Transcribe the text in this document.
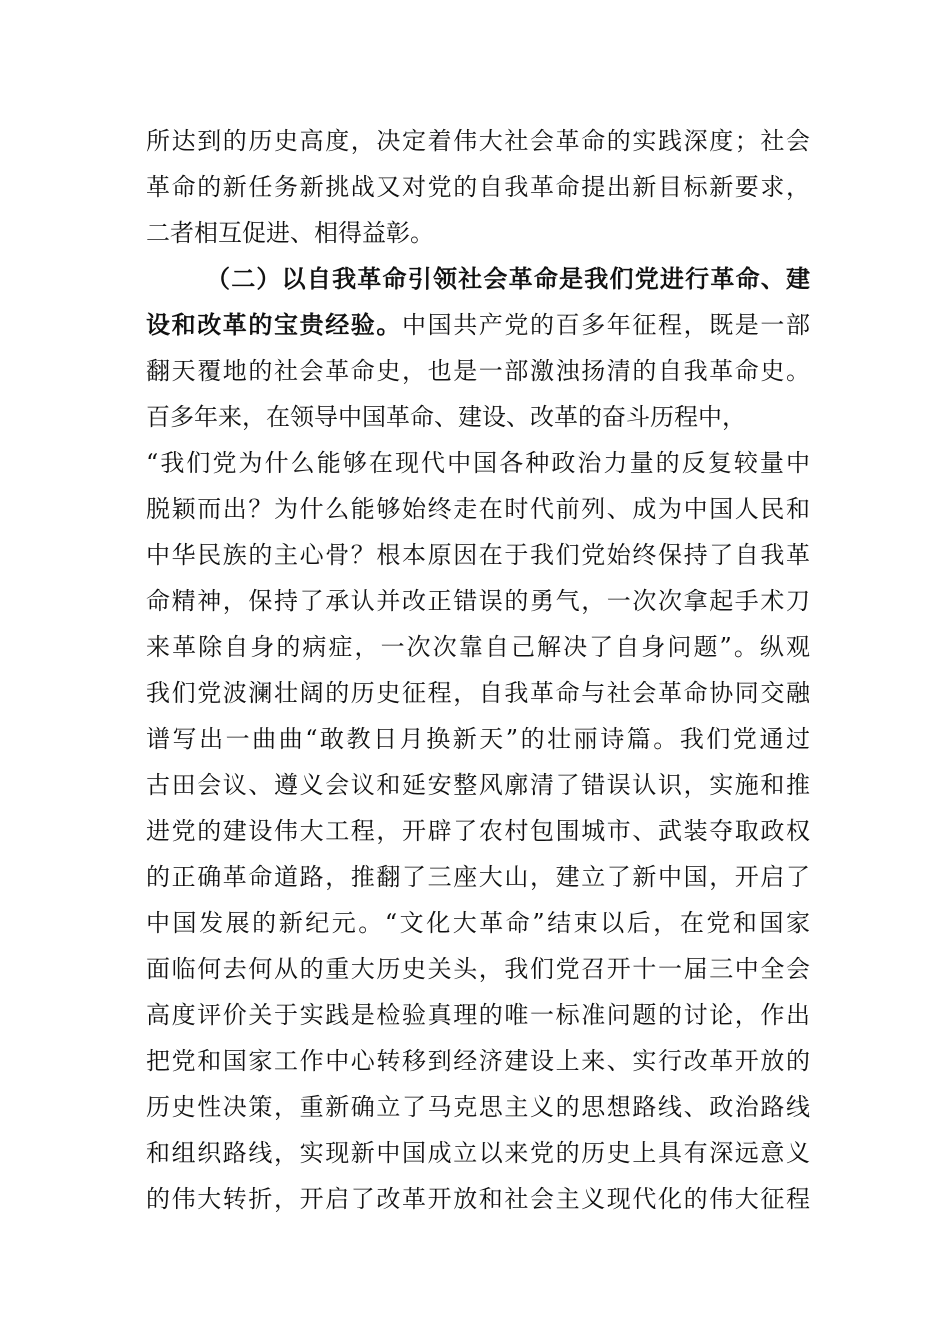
所达到的历史高度，决定着伟大社会革命的实践深度；社会
革命的新任务新挑战又对党的自我革命提出新目标新要求，
二者相互促进、相得益彰。
（二）以自我革命引领社会革命是我们党进行革命、建
设和改革的宝贵经验。中国共产党的百多年征程，既是一部
翻天覆地的社会革命史，也是一部激浊扬清的自我革命史。
百多年来，在领导中国革命、建设、改革的奋斗历程中，
“我们党为什么能够在现代中国各种政治力量的反复较量中
脱颖而出？为什么能够始终走在时代前列、成为中国人民和
中华民族的主心骨？根本原因在于我们党始终保持了自我革
命精神，保持了承认并改正错误的勇气，一次次拿起手术刀
来革除自身的病症，一次次靠自己解决了自身问题”。纵观
我们党波澜壮阔的历史征程，自我革命与社会革命协同交融
谱写出一曲曲“敢教日月换新天”的壮丽诗篇。我们党通过
古田会议、遵义会议和延安整风廓清了错误认识，实施和推
进党的建设伟大工程，开辟了农村包围城市、武装夺取政权
的正确革命道路，推翻了三座大山，建立了新中国，开启了
中国发展的新纪元。“文化大革命”结束以后，在党和国家
面临何去何从的重大历史关头，我们党召开十一届三中全会
高度评价关于实践是检验真理的唯一标准问题的讨论，作出
把党和国家工作中心转移到经济建设上来、实行改革开放的
历史性决策，重新确立了马克思主义的思想路线、政治路线
和组织路线，实现新中国成立以来党的历史上具有深远意义
的伟大转折，开启了改革开放和社会主义现代化的伟大征程
